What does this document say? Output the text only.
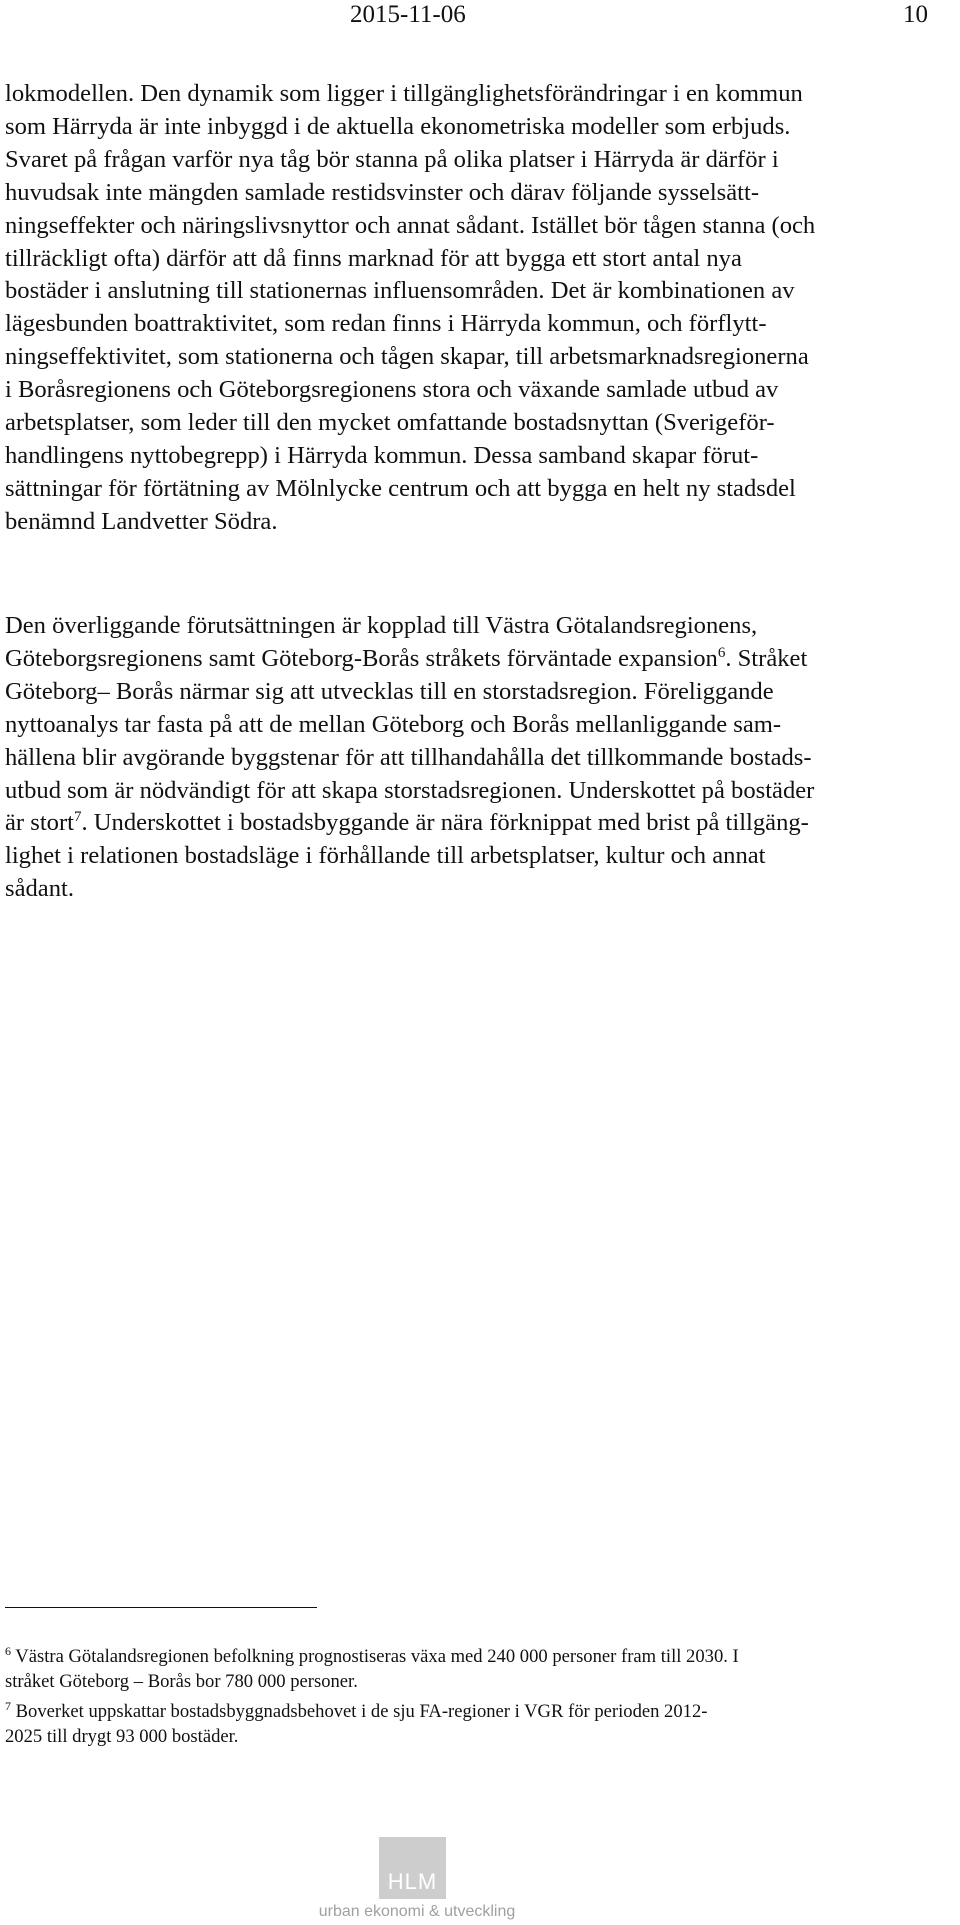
2015-11-06	10

lokmodellen. Den dynamik som ligger i tillgänglighetsförändringar i en kommun
som Härryda är inte inbyggd i de aktuella ekonometriska modeller som erbjuds.
Svaret på frågan varför nya tåg bör stanna på olika platser i Härryda är därför i
huvudsak inte mängden samlade restidsvinster och därav följande sysselsätt-
ningseffekter och näringslivsnyttor och annat sådant. Istället bör tågen stanna (och
tillräckligt ofta) därför att då finns marknad för att bygga ett stort antal nya
bostäder i anslutning till stationernas influensområden. Det är kombinationen av
lägesbunden boattraktivitet, som redan finns i Härryda kommun, och förflytt-
ningseffektivitet, som stationerna och tågen skapar, till arbetsmarknadsregionerna
i Boråsregionens och Göteborgsregionens stora och växande samlade utbud av
arbetsplatser, som leder till den mycket omfattande bostadsnyttan (Sverigeför-
handlingens nyttobegrepp) i Härryda kommun. Dessa samband skapar förut-
sättningar för förtätning av Mölnlycke centrum och att bygga en helt ny stadsdel
benämnd Landvetter Södra.

Den överliggande förutsättningen är kopplad till Västra Götalandsregionens,
Göteborgsregionens samt Göteborg-Borås stråkets förväntade expansion$^6$. Stråket
Göteborg– Borås närmar sig att utvecklas till en storstadsregion. Föreliggande
nyttoanalys tar fasta på att de mellan Göteborg och Borås mellanliggande sam-
hällena blir avgörande byggstenar för att tillhandahålla det tillkommande bostads-
utbud som är nödvändigt för att skapa storstadsregionen. Underskottet på bostäder
är stort$^7$. Underskottet i bostadsbyggande är nära förknippat med brist på tillgäng-
lighet i relationen bostadsläge i förhållande till arbetsplatser, kultur och annat
sådant.

$^6$ Västra Götalandsregionen befolkning prognostiseras växa med 240 000 personer fram till 2030. I
stråket Göteborg – Borås bor 780 000 personer.
$^7$ Boverket uppskattar bostadsbyggnadsbehovet i de sju FA-regioner i VGR för perioden 2012-
2025 till drygt 93 000 bostäder.
HLM
urban ekonomi & utveckling
